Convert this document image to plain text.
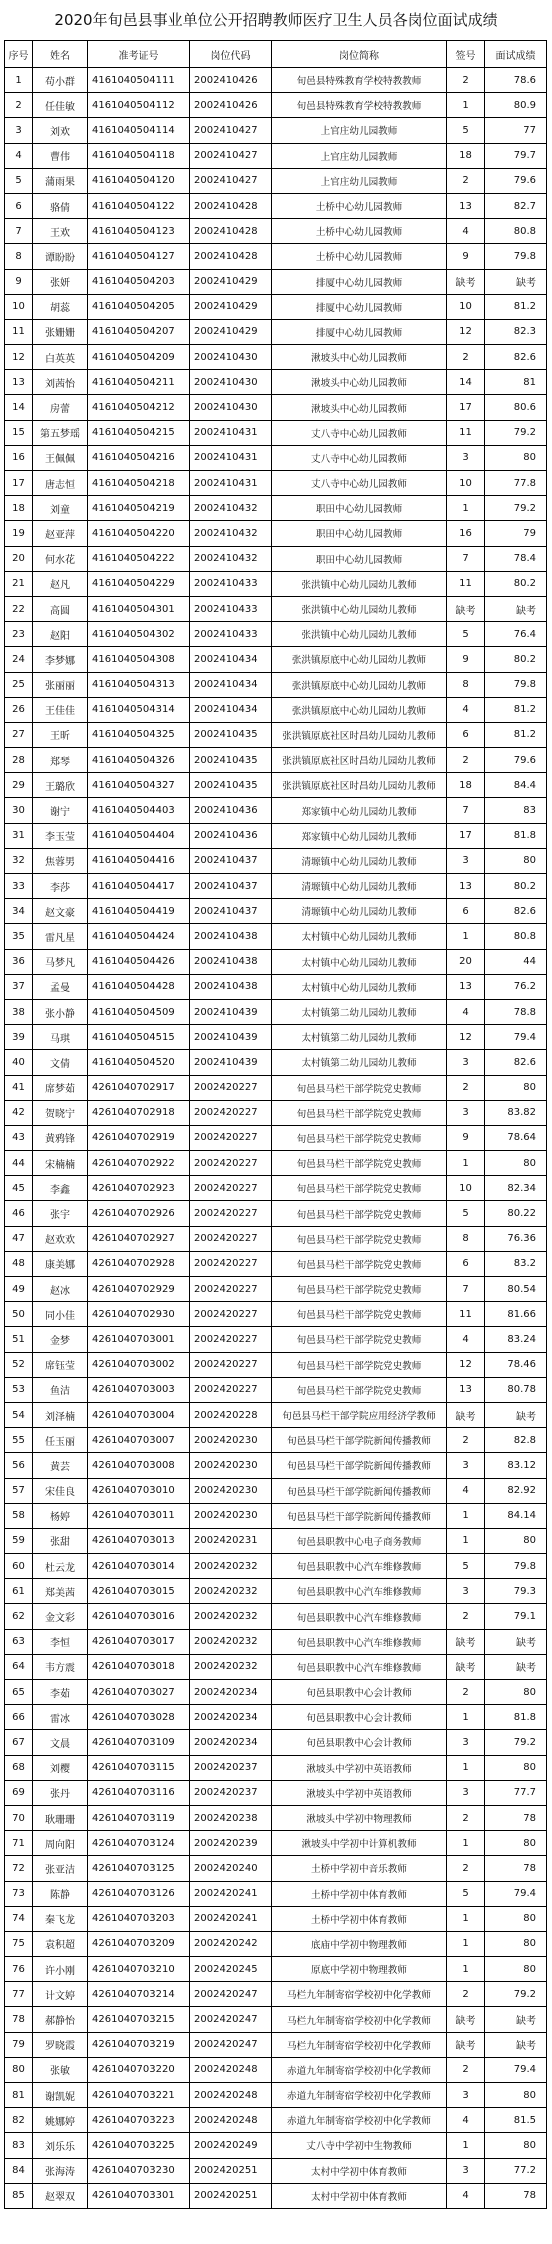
2020年旬邑县事业单位公开招聘教师医疗卫生人员各岗位面试成绩
序号	姓名	准考证号	岗位代码	岗位简称	签号	面试成绩
1	苟小群	4161040504111	2002410426	旬邑县特殊教育学校特教教师	2	78.6
2	任佳敏	4161040504112	2002410426	旬邑县特殊教育学校特教教师	1	80.9
3	刘欢	4161040504114	2002410427	上官庄幼儿园教师	5	77
4	曹伟	4161040504118	2002410427	上官庄幼儿园教师	18	79.7
5	蒲雨果	4161040504120	2002410427	上官庄幼儿园教师	2	79.6
6	骆倩	4161040504122	2002410428	土桥中心幼儿园教师	13	82.7
7	王欢	4161040504123	2002410428	土桥中心幼儿园教师	4	80.8
8	谭盼盼	4161040504127	2002410428	土桥中心幼儿园教师	9	79.8
9	张妍	4161040504203	2002410429	排厦中心幼儿园教师	缺考	缺考
10	胡蕊	4161040504205	2002410429	排厦中心幼儿园教师	10	81.2
11	张姗姗	4161040504207	2002410429	排厦中心幼儿园教师	12	82.3
12	白英英	4161040504209	2002410430	湫坡头中心幼儿园教师	2	82.6
13	刘茜怡	4161040504211	2002410430	湫坡头中心幼儿园教师	14	81
14	房蕾	4161040504212	2002410430	湫坡头中心幼儿园教师	17	80.6
15	第五梦瑶	4161040504215	2002410431	丈八寺中心幼儿园教师	11	79.2
16	王佩佩	4161040504216	2002410431	丈八寺中心幼儿园教师	3	80
17	唐志恒	4161040504218	2002410431	丈八寺中心幼儿园教师	10	77.8
18	刘童	4161040504219	2002410432	职田中心幼儿园教师	1	79.2
19	赵亚萍	4161040504220	2002410432	职田中心幼儿园教师	16	79
20	何水花	4161040504222	2002410432	职田中心幼儿园教师	7	78.4
21	赵凡	4161040504229	2002410433	张洪镇中心幼儿园幼儿教师	11	80.2
22	高圆	4161040504301	2002410433	张洪镇中心幼儿园幼儿教师	缺考	缺考
23	赵阳	4161040504302	2002410433	张洪镇中心幼儿园幼儿教师	5	76.4
24	李梦娜	4161040504308	2002410434	张洪镇原底中心幼儿园幼儿教师	9	80.2
25	张丽丽	4161040504313	2002410434	张洪镇原底中心幼儿园幼儿教师	8	79.8
26	王佳佳	4161040504314	2002410434	张洪镇原底中心幼儿园幼儿教师	4	81.2
27	王昕	4161040504325	2002410435	张洪镇原底社区时昌幼儿园幼儿教师	6	81.2
28	郑琴	4161040504326	2002410435	张洪镇原底社区时昌幼儿园幼儿教师	2	79.6
29	王璐欣	4161040504327	2002410435	张洪镇原底社区时昌幼儿园幼儿教师	18	84.4
30	谢宁	4161040504403	2002410436	郑家镇中心幼儿园幼儿教师	7	83
31	李玉莹	4161040504404	2002410436	郑家镇中心幼儿园幼儿教师	17	81.8
32	焦蓉男	4161040504416	2002410437	清塬镇中心幼儿园幼儿教师	3	80
33	李莎	4161040504417	2002410437	清塬镇中心幼儿园幼儿教师	13	80.2
34	赵文豪	4161040504419	2002410437	清塬镇中心幼儿园幼儿教师	6	82.6
35	雷凡星	4161040504424	2002410438	太村镇中心幼儿园幼儿教师	1	80.8
36	马梦凡	4161040504426	2002410438	太村镇中心幼儿园幼儿教师	20	44
37	孟曼	4161040504428	2002410438	太村镇中心幼儿园幼儿教师	13	76.2
38	张小静	4161040504509	2002410439	太村镇第二幼儿园幼儿教师	4	78.8
39	马琪	4161040504515	2002410439	太村镇第二幼儿园幼儿教师	12	79.4
40	文倩	4161040504520	2002410439	太村镇第二幼儿园幼儿教师	3	82.6
41	席梦茹	4261040702917	2002420227	旬邑县马栏干部学院党史教师	2	80
42	贺晓宁	4261040702918	2002420227	旬邑县马栏干部学院党史教师	3	83.82
43	黄鸦锋	4261040702919	2002420227	旬邑县马栏干部学院党史教师	9	78.64
44	宋楠楠	4261040702922	2002420227	旬邑县马栏干部学院党史教师	1	80
45	李鑫	4261040702923	2002420227	旬邑县马栏干部学院党史教师	10	82.34
46	张宇	4261040702926	2002420227	旬邑县马栏干部学院党史教师	5	80.22
47	赵欢欢	4261040702927	2002420227	旬邑县马栏干部学院党史教师	8	76.36
48	康美娜	4261040702928	2002420227	旬邑县马栏干部学院党史教师	6	83.2
49	赵冰	4261040702929	2002420227	旬邑县马栏干部学院党史教师	7	80.54
50	同小佳	4261040702930	2002420227	旬邑县马栏干部学院党史教师	11	81.66
51	金梦	4261040703001	2002420227	旬邑县马栏干部学院党史教师	4	83.24
52	席钰莹	4261040703002	2002420227	旬邑县马栏干部学院党史教师	12	78.46
53	鱼洁	4261040703003	2002420227	旬邑县马栏干部学院党史教师	13	80.78
54	刘泽楠	4261040703004	2002420228	旬邑县马栏干部学院应用经济学教师	缺考	缺考
55	任玉丽	4261040703007	2002420230	旬邑县马栏干部学院新闻传播教师	2	82.8
56	黄芸	4261040703008	2002420230	旬邑县马栏干部学院新闻传播教师	3	83.12
57	宋佳良	4261040703010	2002420230	旬邑县马栏干部学院新闻传播教师	4	82.92
58	杨婷	4261040703011	2002420230	旬邑县马栏干部学院新闻传播教师	1	84.14
59	张甜	4261040703013	2002420231	旬邑县职教中心电子商务教师	1	80
60	杜云龙	4261040703014	2002420232	旬邑县职教中心汽车维修教师	5	79.8
61	郑美茜	4261040703015	2002420232	旬邑县职教中心汽车维修教师	3	79.3
62	金文彩	4261040703016	2002420232	旬邑县职教中心汽车维修教师	2	79.1
63	李恒	4261040703017	2002420232	旬邑县职教中心汽车维修教师	缺考	缺考
64	韦方震	4261040703018	2002420232	旬邑县职教中心汽车维修教师	缺考	缺考
65	李茹	4261040703027	2002420234	旬邑县职教中心会计教师	2	80
66	雷冰	4261040703028	2002420234	旬邑县职教中心会计教师	1	81.8
67	文晨	4261040703109	2002420234	旬邑县职教中心会计教师	3	79.2
68	刘樱	4261040703115	2002420237	湫坡头中学初中英语教师	1	80
69	张丹	4261040703116	2002420237	湫坡头中学初中英语教师	3	77.7
70	耿珊珊	4261040703119	2002420238	湫坡头中学初中物理教师	2	78
71	周向阳	4261040703124	2002420239	湫坡头中学初中计算机教师	1	80
72	张亚洁	4261040703125	2002420240	土桥中学初中音乐教师	2	78
73	陈静	4261040703126	2002420241	土桥中学初中体育教师	5	79.4
74	秦飞龙	4261040703203	2002420241	土桥中学初中体育教师	1	80
75	袁积超	4261040703209	2002420242	底庙中学初中物理教师	1	80
76	许小刚	4261040703210	2002420245	原底中学初中物理教师	1	80
77	计文婷	4261040703214	2002420247	马栏九年制寄宿学校初中化学教师	2	79.2
78	郝静怡	4261040703215	2002420247	马栏九年制寄宿学校初中化学教师	缺考	缺考
79	罗晓霞	4261040703219	2002420247	马栏九年制寄宿学校初中化学教师	缺考	缺考
80	张敏	4261040703220	2002420248	赤道九年制寄宿学校初中化学教师	2	79.4
81	谢凯妮	4261040703221	2002420248	赤道九年制寄宿学校初中化学教师	3	80
82	姚娜婷	4261040703223	2002420248	赤道九年制寄宿学校初中化学教师	4	81.5
83	刘乐乐	4261040703225	2002420249	丈八寺中学初中生物教师	1	80
84	张海涛	4261040703230	2002420251	太村中学初中体育教师	3	77.2
85	赵翠双	4261040703301	2002420251	太村中学初中体育教师	4	78
